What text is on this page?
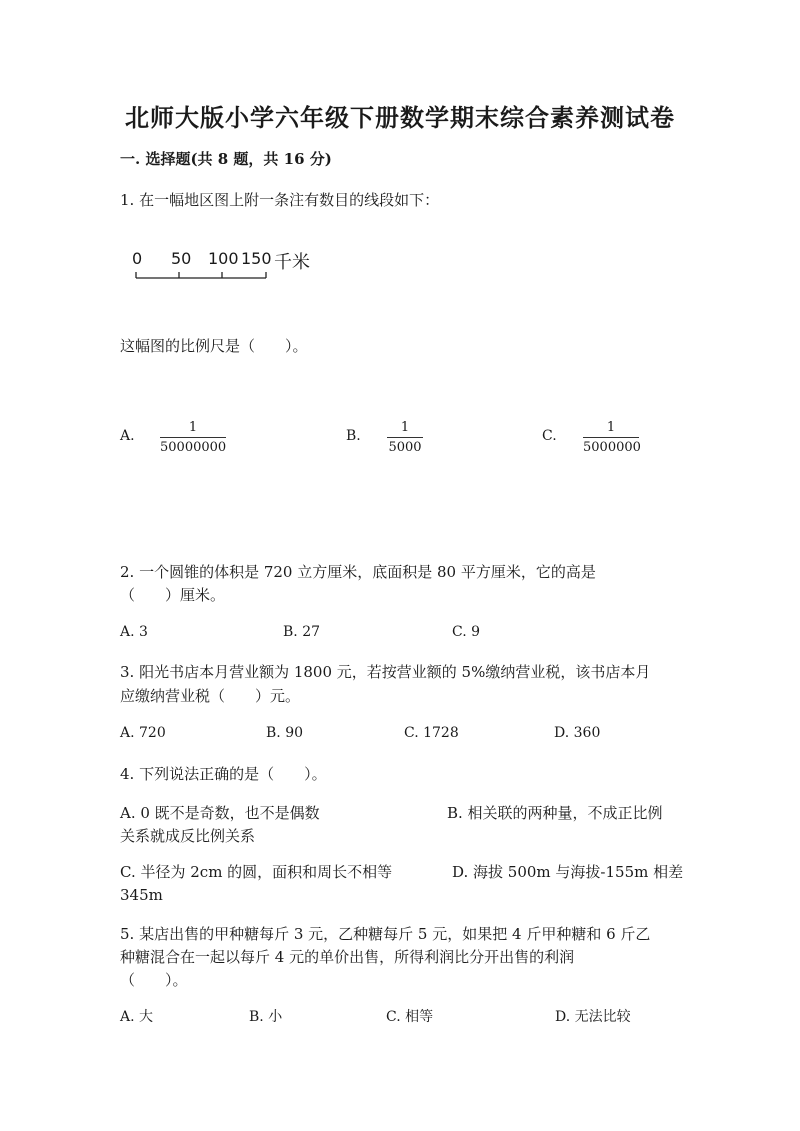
北师大版小学六年级下册数学期末综合素养测试卷
一. 选择题(共 8 题，共 16 分)
1. 在一幅地区图上附一条注有数目的线段如下：
0 50 100 150 千米
这幅图的比例尺是（　　）。
A.
1
50000000
B.
1
5000
C.
1
5000000
2. 一个圆锥的体积是 720 立方厘米，底面积是 80 平方厘米，它的高是
（　　）厘米。
A. 3	B. 27	C. 9
3. 阳光书店本月营业额为 1800 元，若按营业额的 5%缴纳营业税，该书店本月
应缴纳营业税（　　）元。
A. 720	B. 90	C. 1728	D. 360
4. 下列说法正确的是（　　）。
A. 0 既不是奇数，也不是偶数	B. 相关联的两种量，不成正比例
关系就成反比例关系
C. 半径为 2cm 的圆，面积和周长不相等	D. 海拔 500m 与海拔-155m 相差
345m
5. 某店出售的甲种糖每斤 3 元，乙种糖每斤 5 元，如果把 4 斤甲种糖和 6 斤乙
种糖混合在一起以每斤 4 元的单价出售，所得利润比分开出售的利润
（　　）。
A. 大	B. 小	C. 相等	D. 无法比较
